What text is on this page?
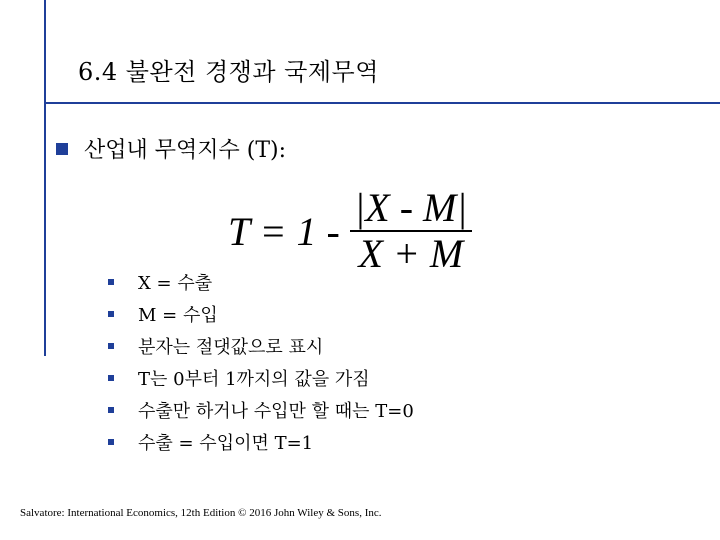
6.4 불완전 경쟁과 국제무역
산업내 무역지수 (T):
$T = 1 - \frac{|X - M|}{X + M}$
X = 수출
M = 수입
분자는 절댓값으로 표시
T는 0부터 1까지의 값을 가짐
수출만 하거나 수입만 할 때는 T=0
수출 = 수입이면 T=1
Salvatore: International Economics, 12th Edition © 2016 John Wiley & Sons, Inc.
